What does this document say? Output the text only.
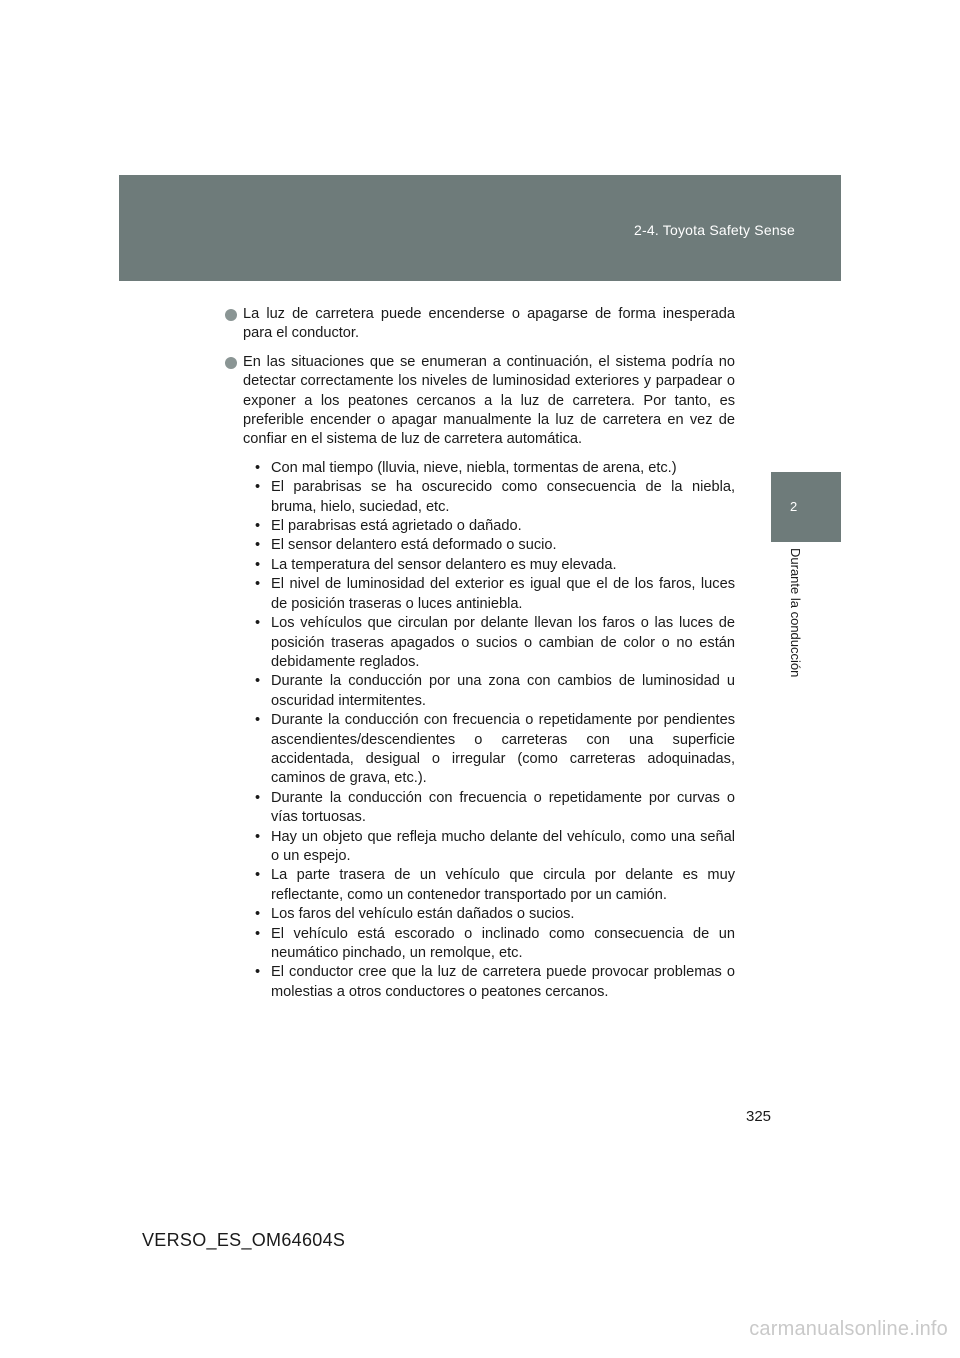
2-4. Toyota Safety Sense
2
Durante la conducción

La luz de carretera puede encenderse o apagarse de forma inesperada para el conductor.

En las situaciones que se enumeran a continuación, el sistema podría no detectar correctamente los niveles de luminosidad exteriores y parpadear o exponer a los peatones cercanos a la luz de carretera. Por tanto, es preferible encender o apagar manualmente la luz de carretera en vez de confiar en el sistema de luz de carretera automática.

• Con mal tiempo (lluvia, nieve, niebla, tormentas de arena, etc.)
• El parabrisas se ha oscurecido como consecuencia de la niebla, bruma, hielo, suciedad, etc.
• El parabrisas está agrietado o dañado.
• El sensor delantero está deformado o sucio.
• La temperatura del sensor delantero es muy elevada.
• El nivel de luminosidad del exterior es igual que el de los faros, luces de posición traseras o luces antiniebla.
• Los vehículos que circulan por delante llevan los faros o las luces de posición traseras apagados o sucios o cambian de color o no están debidamente reglados.
• Durante la conducción por una zona con cambios de luminosidad u oscuridad intermitentes.
• Durante la conducción con frecuencia o repetidamente por pendientes ascendientes/descendientes o carreteras con una superficie accidentada, desigual o irregular (como carreteras adoquinadas, caminos de grava, etc.).
• Durante la conducción con frecuencia o repetidamente por curvas o vías tortuosas.
• Hay un objeto que refleja mucho delante del vehículo, como una señal o un espejo.
• La parte trasera de un vehículo que circula por delante es muy reflectante, como un contenedor transportado por un camión.
• Los faros del vehículo están dañados o sucios.
• El vehículo está escorado o inclinado como consecuencia de un neumático pinchado, un remolque, etc.
• El conductor cree que la luz de carretera puede provocar problemas o molestias a otros conductores o peatones cercanos.
325
VERSO_ES_OM64604S
carmanualsonline.info
